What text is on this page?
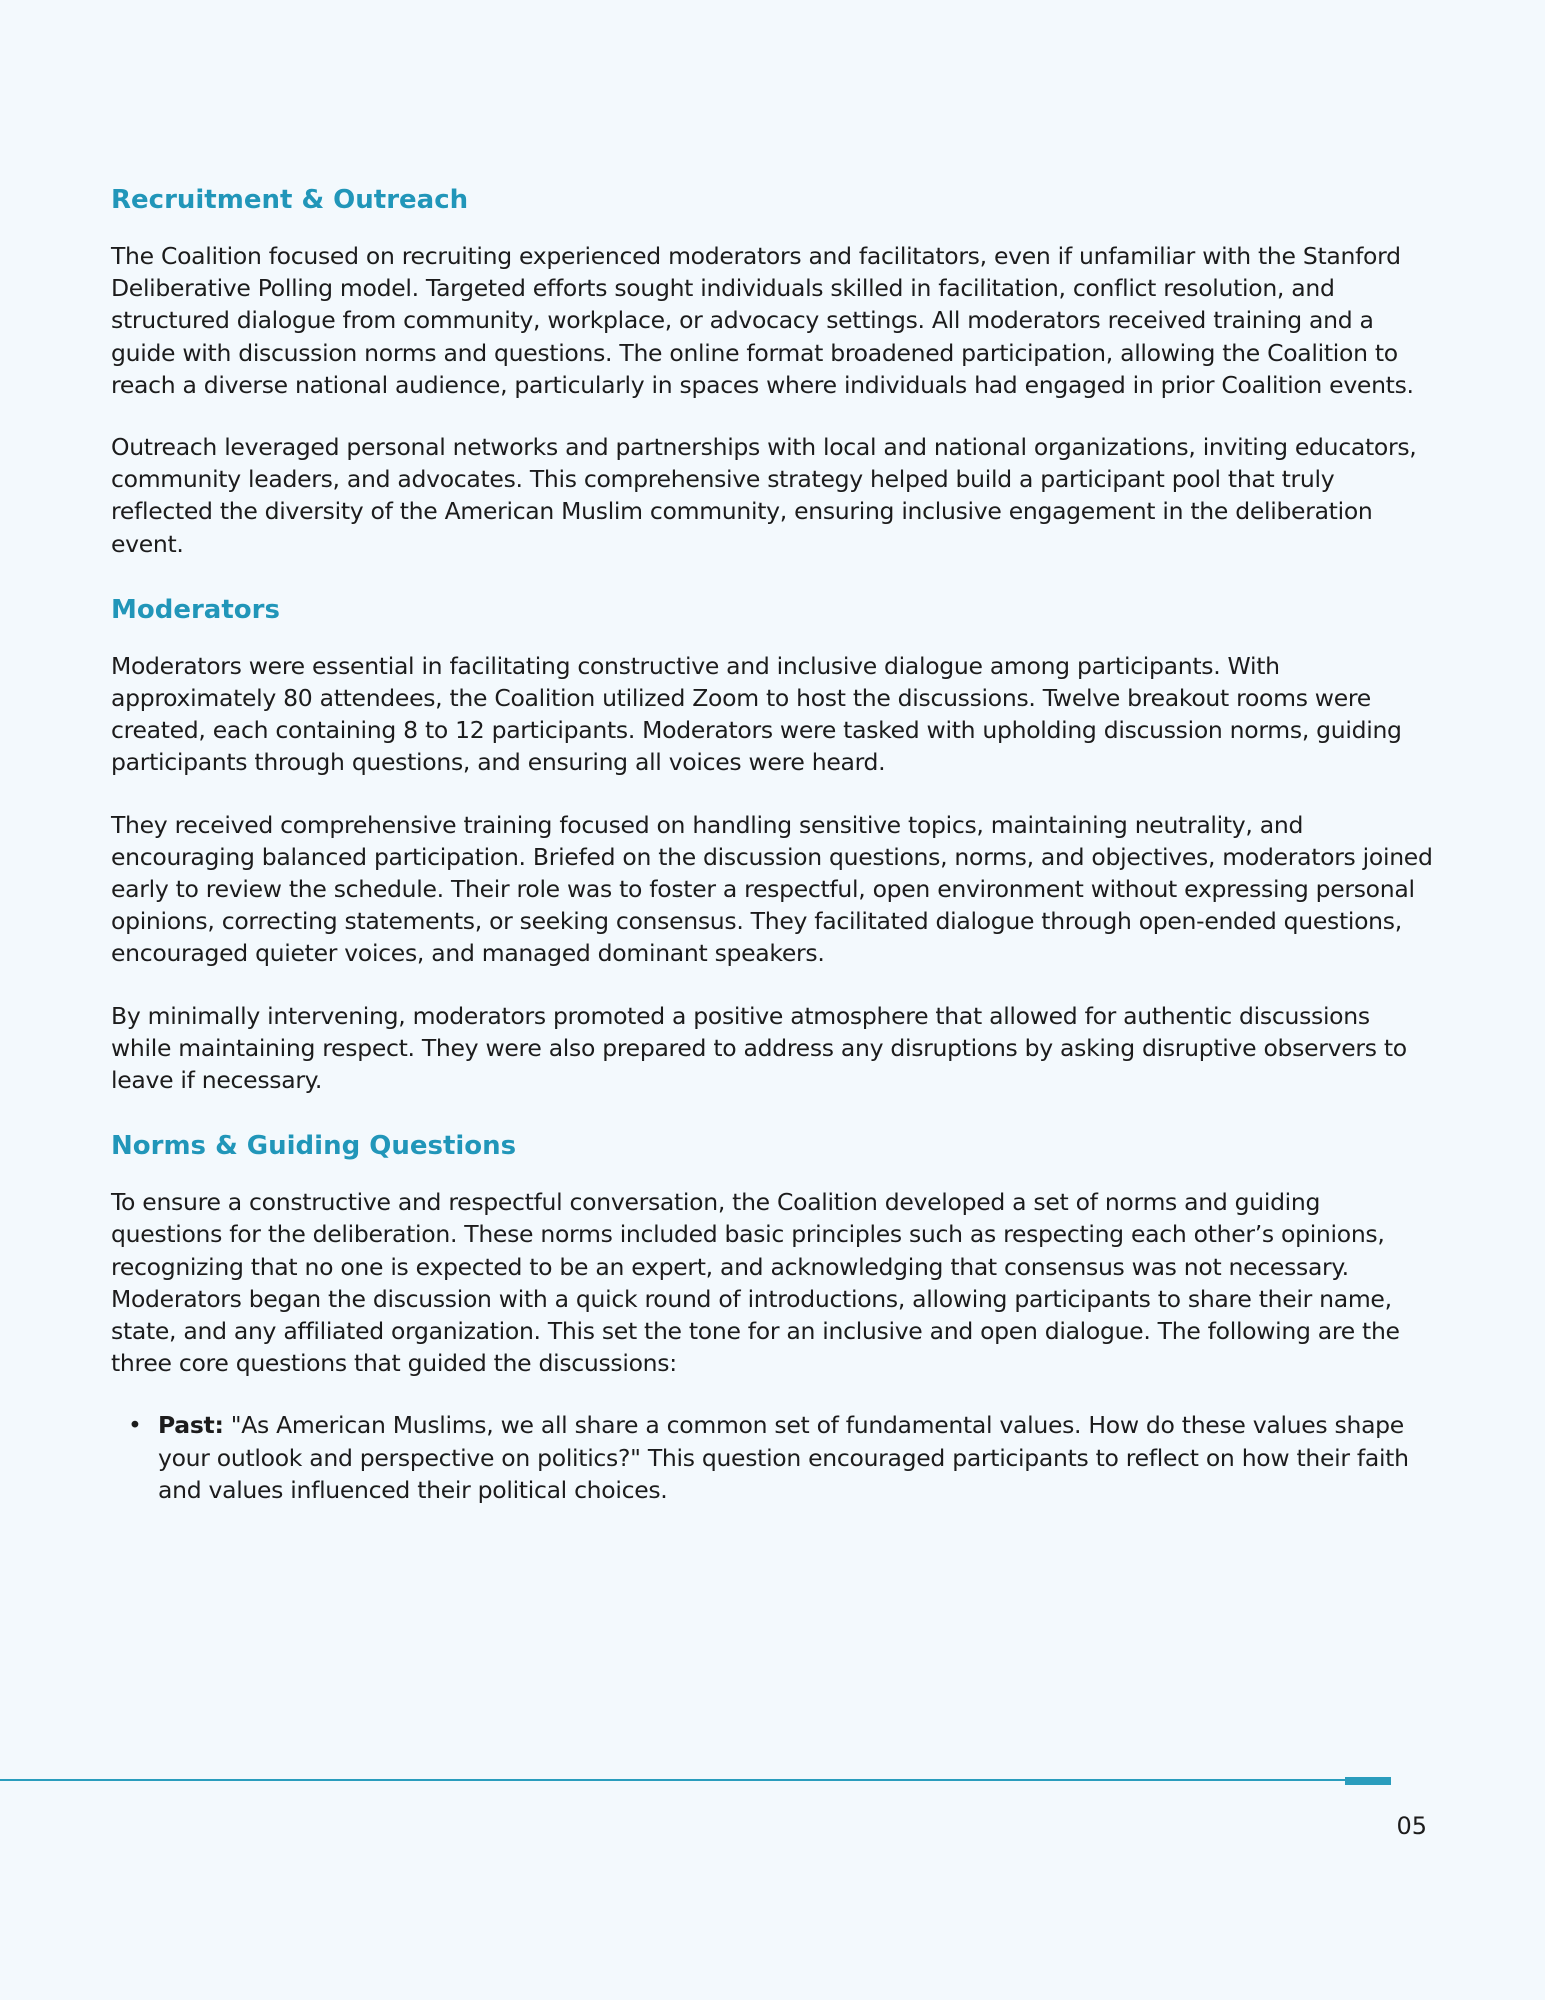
Recruitment & Outreach

The Coalition focused on recruiting experienced moderators and facilitators, even if unfamiliar with the Stanford Deliberative Polling model. Targeted efforts sought individuals skilled in facilitation, conflict resolution, and structured dialogue from community, workplace, or advocacy settings. All moderators received training and a guide with discussion norms and questions. The online format broadened participation, allowing the Coalition to reach a diverse national audience, particularly in spaces where individuals had engaged in prior Coalition events.

Outreach leveraged personal networks and partnerships with local and national organizations, inviting educators, community leaders, and advocates. This comprehensive strategy helped build a participant pool that truly reflected the diversity of the American Muslim community, ensuring inclusive engagement in the deliberation event.

Moderators

Moderators were essential in facilitating constructive and inclusive dialogue among participants. With approximately 80 attendees, the Coalition utilized Zoom to host the discussions. Twelve breakout rooms were created, each containing 8 to 12 participants. Moderators were tasked with upholding discussion norms, guiding participants through questions, and ensuring all voices were heard.

They received comprehensive training focused on handling sensitive topics, maintaining neutrality, and encouraging balanced participation. Briefed on the discussion questions, norms, and objectives, moderators joined early to review the schedule. Their role was to foster a respectful, open environment without expressing personal opinions, correcting statements, or seeking consensus. They facilitated dialogue through open-ended questions, encouraged quieter voices, and managed dominant speakers.

By minimally intervening, moderators promoted a positive atmosphere that allowed for authentic discussions while maintaining respect. They were also prepared to address any disruptions by asking disruptive observers to leave if necessary.

Norms & Guiding Questions

To ensure a constructive and respectful conversation, the Coalition developed a set of norms and guiding questions for the deliberation. These norms included basic principles such as respecting each other’s opinions, recognizing that no one is expected to be an expert, and acknowledging that consensus was not necessary. Moderators began the discussion with a quick round of introductions, allowing participants to share their name, state, and any affiliated organization. This set the tone for an inclusive and open dialogue. The following are the three core questions that guided the discussions:

• Past: "As American Muslims, we all share a common set of fundamental values. How do these values shape your outlook and perspective on politics?" This question encouraged participants to reflect on how their faith and values influenced their political choices.
05
